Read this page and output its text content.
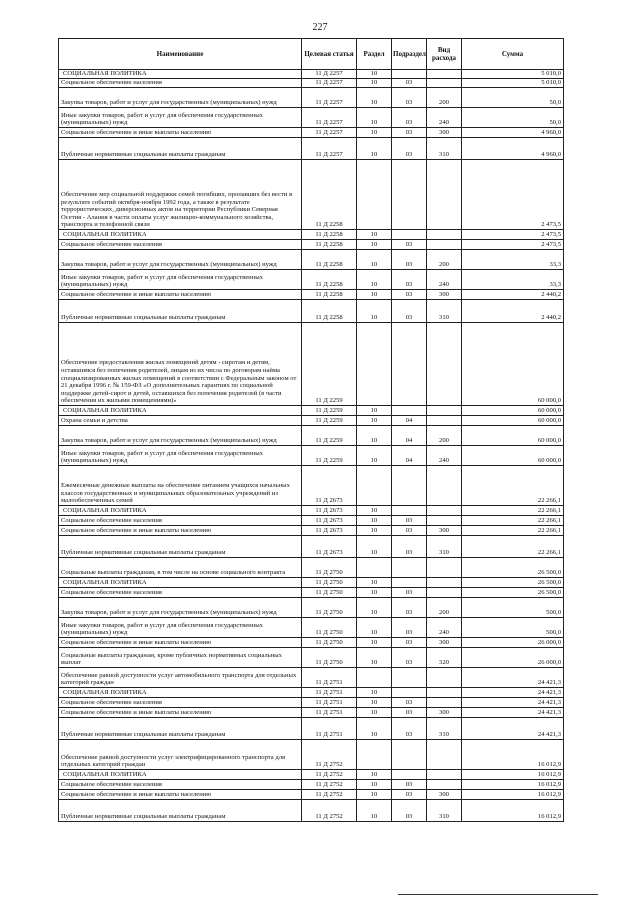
227
Наименование	Целевая статья	Раздел	Подраздел	Вид расхода	Сумма
СОЦИАЛЬНАЯ ПОЛИТИКА	11 Д 2257	10			5 010,0
Социальное обеспечение населения	11 Д 2257	10	03		5 010,0
Закупка товаров, работ и услуг для государственных (муниципальных) нужд	11 Д 2257	10	03	200	50,0
Иные закупки товаров, работ и услуг для обеспечения государственных (муниципальных) нужд	11 Д 2257	10	03	240	50,0
Социальное обеспечение и иные выплаты населению	11 Д 2257	10	03	300	4 960,0
Публичные нормативные социальные выплаты гражданам	11 Д 2257	10	03	310	4 960,0
Обеспечение мер социальной поддержки семей погибших, пропавших без вести в результате событий октября-ноября 1992 года, а также в результате террористических, диверсионных актов на территории Республики Северная Осетия - Алания в части оплаты услуг жилищно-коммунального хозяйства, транспорта и телефонной связи	11 Д 2258				2 473,5
СОЦИАЛЬНАЯ ПОЛИТИКА	11 Д 2258	10			2 473,5
Социальное обеспечение населения	11 Д 2258	10	03		2 473,5
Закупка товаров, работ и услуг для государственных (муниципальных) нужд	11 Д 2258	10	03	200	33,3
Иные закупки товаров, работ и услуг для обеспечения государственных (муниципальных) нужд	11 Д 2258	10	03	240	33,3
Социальное обеспечение и иные выплаты населению	11 Д 2258	10	03	300	2 440,2
Публичные нормативные социальные выплаты гражданам	11 Д 2258	10	03	310	2 440,2
Обеспечение предоставления жилых помещений детям - сиротам и детям, оставшимся без попечения родителей, лицам из их числа по договорам найма специализированных жилых помещений в соответствии с Федеральным законом от 21 декабря 1996 г. № 159-ФЗ «О дополнительных гарантиях по социальной поддержке детей-сирот и детей, оставшихся без попечения родителей (в части обеспечения их жилыми помещениями)»	11 Д 2259				60 000,0
СОЦИАЛЬНАЯ ПОЛИТИКА	11 Д 2259	10			60 000,0
Охрана семьи и детства	11 Д 2259	10	04		60 000,0
Закупка товаров, работ и услуг для государственных (муниципальных) нужд	11 Д 2259	10	04	200	60 000,0
Иные закупки товаров, работ и услуг для обеспечения государственных (муниципальных) нужд	11 Д 2259	10	04	240	60 000,0
Ежемесячные денежные выплаты на обеспечение питанием учащихся начальных классов государственных и муниципальных образовательных учреждений из малообеспеченных семей	11 Д 2673				22 266,1
СОЦИАЛЬНАЯ ПОЛИТИКА	11 Д 2673	10			22 266,1
Социальное обеспечение населения	11 Д 2673	10	03		22 266,1
Социальное обеспечение и иные выплаты населению	11 Д 2673	10	03	300	22 266,1
Публичные нормативные социальные выплаты гражданам	11 Д 2673	10	03	310	22 266,1
Социальные выплаты гражданам, в том числе на основе социального контракта	11 Д 2750				26 500,0
СОЦИАЛЬНАЯ ПОЛИТИКА	11 Д 2750	10			26 500,0
Социальное обеспечение населения	11 Д 2750	10	03		26 500,0
Закупка товаров, работ и услуг для государственных (муниципальных) нужд	11 Д 2750	10	03	200	500,0
Иные закупки товаров, работ и услуг для обеспечения государственных (муниципальных) нужд	11 Д 2750	10	03	240	500,0
Социальное обеспечение и иные выплаты населению	11 Д 2750	10	03	300	26 000,0
Социальные выплаты гражданам, кроме публичных нормативных социальных выплат	11 Д 2750	10	03	320	26 000,0
Обеспечение равной доступности услуг автомобильного транспорта для отдельных категорий граждан	11 Д 2751				24 421,3
СОЦИАЛЬНАЯ ПОЛИТИКА	11 Д 2751	10			24 421,3
Социальное обеспечение населения	11 Д 2751	10	03		24 421,3
Социальное обеспечение и иные выплаты населению	11 Д 2751	10	03	300	24 421,3
Публичные нормативные социальные выплаты гражданам	11 Д 2751	10	03	310	24 421,3
Обеспечение равной доступности услуг электрифицированного транспорта для отдельных категорий граждан	11 Д 2752				16 012,9
СОЦИАЛЬНАЯ ПОЛИТИКА	11 Д 2752	10			16 012,9
Социальное обеспечение населения	11 Д 2752	10	03		16 012,9
Социальное обеспечение и иные выплаты населению	11 Д 2752	10	03	300	16 012,9
Публичные нормативные социальные выплаты гражданам	11 Д 2752	10	03	310	16 012,9
